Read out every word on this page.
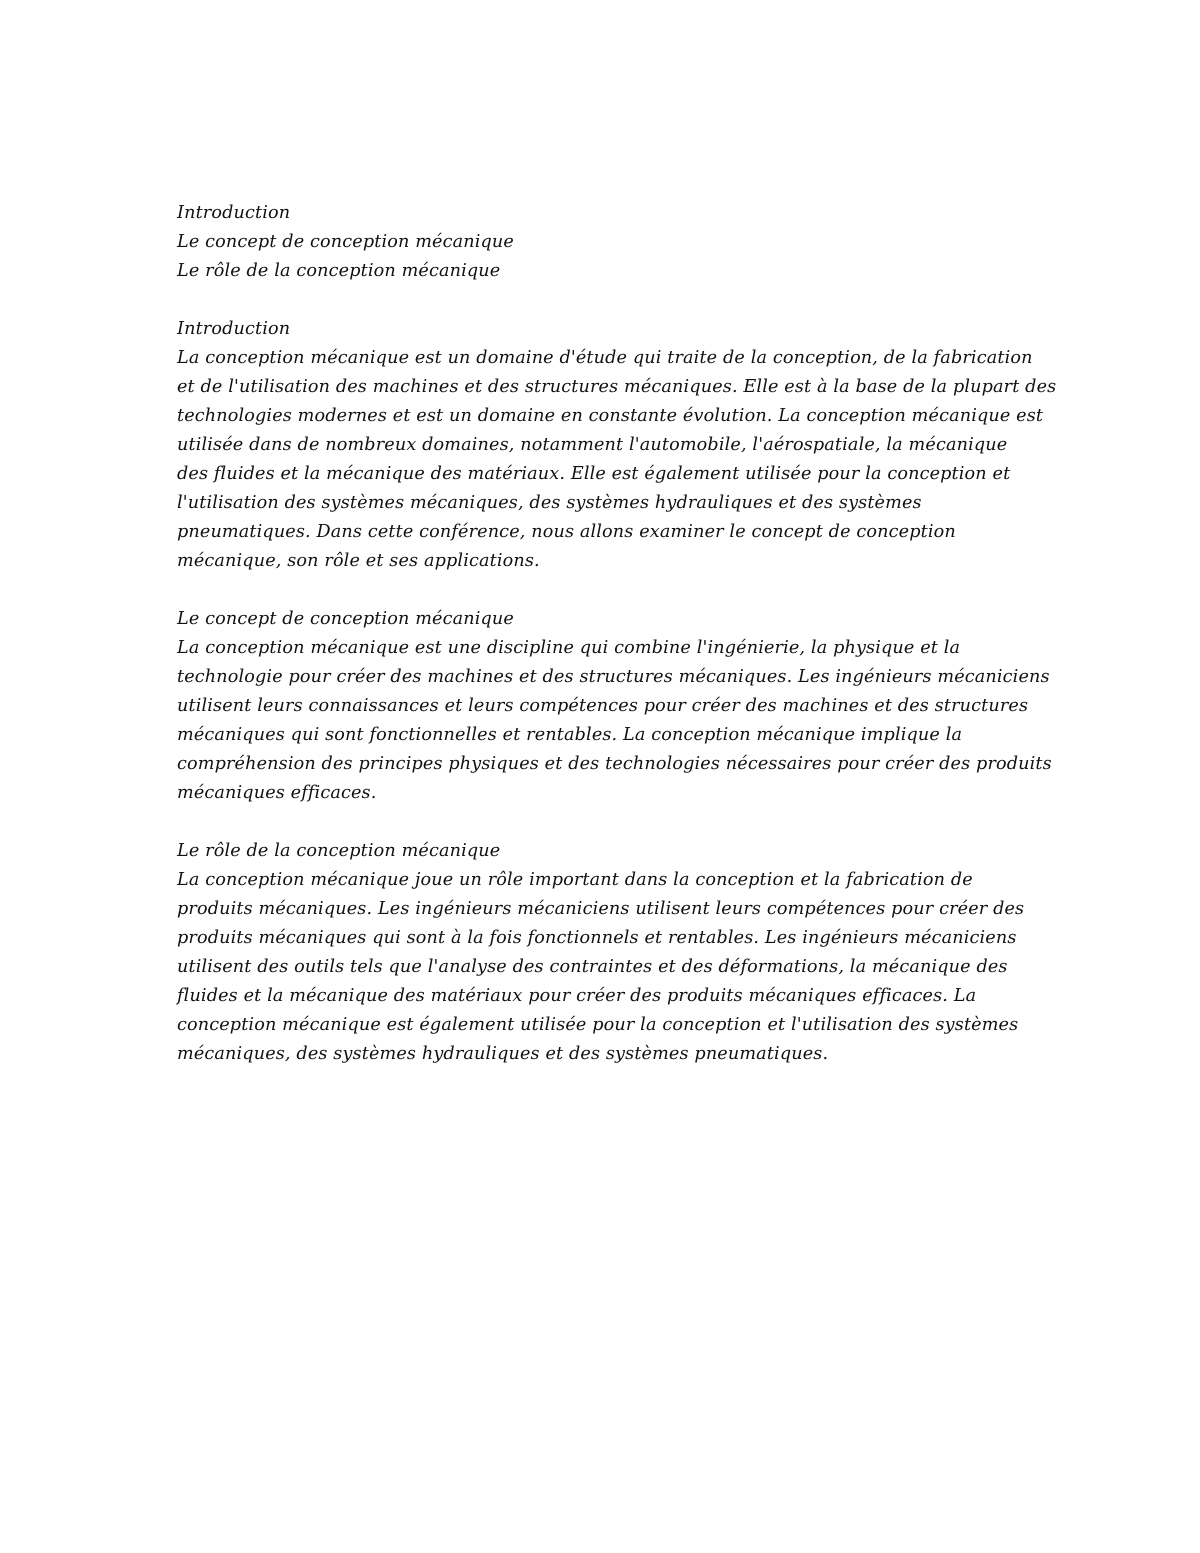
Introduction

Le concept de conception mécanique

Le rôle de la conception mécanique

Introduction

La conception mécanique est un domaine d'étude qui traite de la conception, de la fabrication

et de l'utilisation des machines et des structures mécaniques. Elle est à la base de la plupart des

technologies modernes et est un domaine en constante évolution. La conception mécanique est

utilisée dans de nombreux domaines, notamment l'automobile, l'aérospatiale, la mécanique

des fluides et la mécanique des matériaux. Elle est également utilisée pour la conception et

l'utilisation des systèmes mécaniques, des systèmes hydrauliques et des systèmes

pneumatiques. Dans cette conférence, nous allons examiner le concept de conception

mécanique, son rôle et ses applications.

Le concept de conception mécanique

La conception mécanique est une discipline qui combine l'ingénierie, la physique et la

technologie pour créer des machines et des structures mécaniques. Les ingénieurs mécaniciens

utilisent leurs connaissances et leurs compétences pour créer des machines et des structures

mécaniques qui sont fonctionnelles et rentables. La conception mécanique implique la

compréhension des principes physiques et des technologies nécessaires pour créer des produits

mécaniques efficaces.

Le rôle de la conception mécanique

La conception mécanique joue un rôle important dans la conception et la fabrication de

produits mécaniques. Les ingénieurs mécaniciens utilisent leurs compétences pour créer des

produits mécaniques qui sont à la fois fonctionnels et rentables. Les ingénieurs mécaniciens

utilisent des outils tels que l'analyse des contraintes et des déformations, la mécanique des

fluides et la mécanique des matériaux pour créer des produits mécaniques efficaces. La

conception mécanique est également utilisée pour la conception et l'utilisation des systèmes

mécaniques, des systèmes hydrauliques et des systèmes pneumatiques.
